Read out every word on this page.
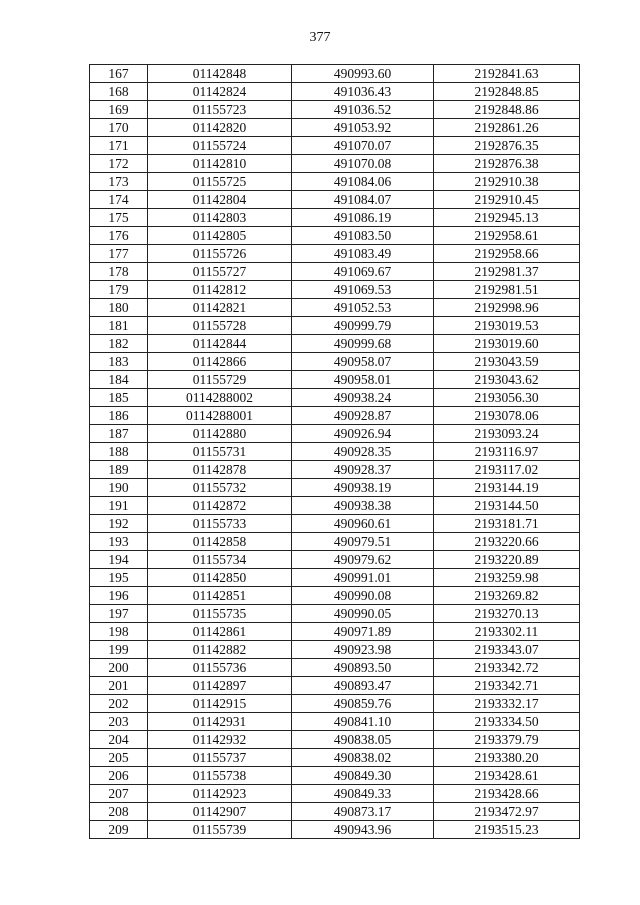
377
167	01142848	490993.60	2192841.63
168	01142824	491036.43	2192848.85
169	01155723	491036.52	2192848.86
170	01142820	491053.92	2192861.26
171	01155724	491070.07	2192876.35
172	01142810	491070.08	2192876.38
173	01155725	491084.06	2192910.38
174	01142804	491084.07	2192910.45
175	01142803	491086.19	2192945.13
176	01142805	491083.50	2192958.61
177	01155726	491083.49	2192958.66
178	01155727	491069.67	2192981.37
179	01142812	491069.53	2192981.51
180	01142821	491052.53	2192998.96
181	01155728	490999.79	2193019.53
182	01142844	490999.68	2193019.60
183	01142866	490958.07	2193043.59
184	01155729	490958.01	2193043.62
185	0114288002	490938.24	2193056.30
186	0114288001	490928.87	2193078.06
187	01142880	490926.94	2193093.24
188	01155731	490928.35	2193116.97
189	01142878	490928.37	2193117.02
190	01155732	490938.19	2193144.19
191	01142872	490938.38	2193144.50
192	01155733	490960.61	2193181.71
193	01142858	490979.51	2193220.66
194	01155734	490979.62	2193220.89
195	01142850	490991.01	2193259.98
196	01142851	490990.08	2193269.82
197	01155735	490990.05	2193270.13
198	01142861	490971.89	2193302.11
199	01142882	490923.98	2193343.07
200	01155736	490893.50	2193342.72
201	01142897	490893.47	2193342.71
202	01142915	490859.76	2193332.17
203	01142931	490841.10	2193334.50
204	01142932	490838.05	2193379.79
205	01155737	490838.02	2193380.20
206	01155738	490849.30	2193428.61
207	01142923	490849.33	2193428.66
208	01142907	490873.17	2193472.97
209	01155739	490943.96	2193515.23
